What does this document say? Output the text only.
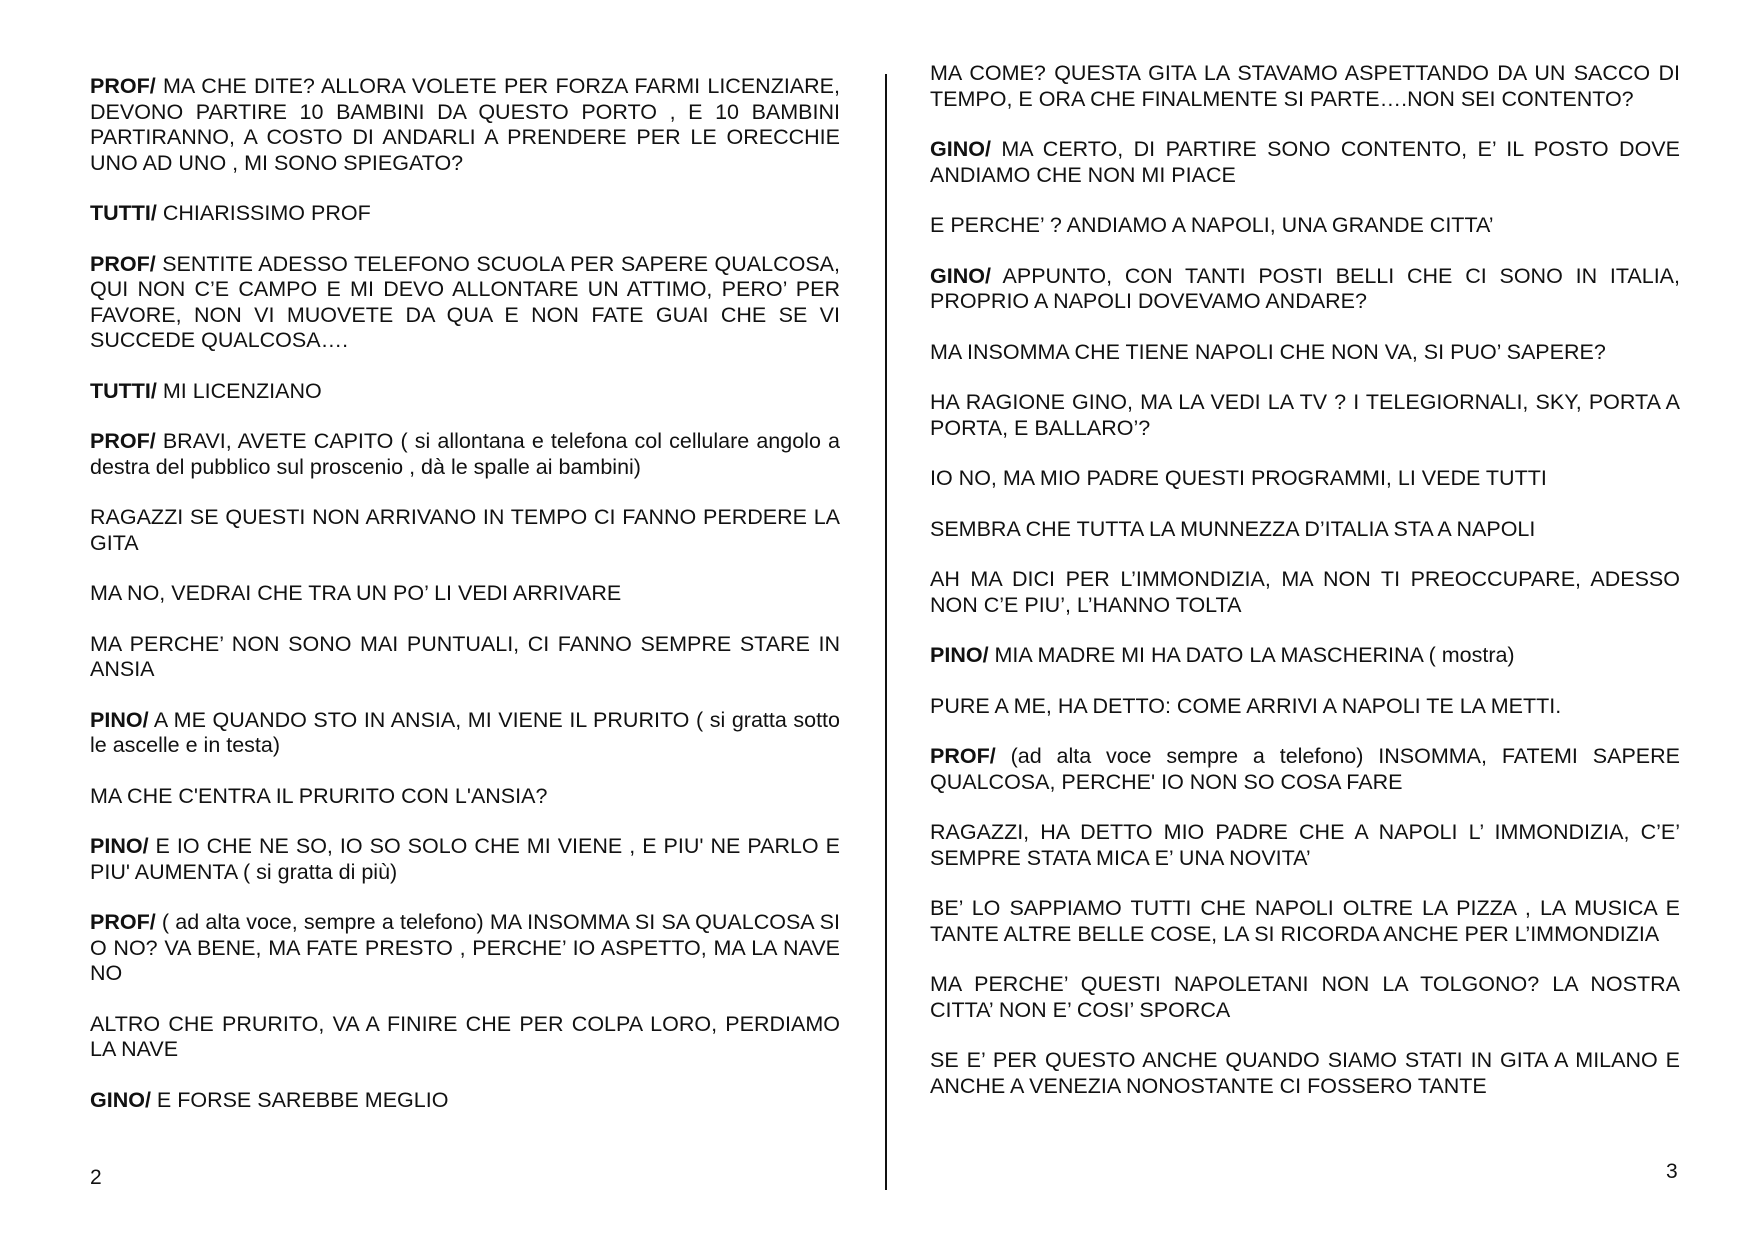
PROF/ MA CHE DITE? ALLORA VOLETE PER FORZA FARMI LICENZIARE, DEVONO PARTIRE 10 BAMBINI DA QUESTO PORTO , E 10 BAMBINI PARTIRANNO, A COSTO DI ANDARLI A PRENDERE PER LE ORECCHIE UNO AD UNO , MI SONO SPIEGATO?

TUTTI/ CHIARISSIMO PROF

PROF/ SENTITE ADESSO TELEFONO SCUOLA PER SAPERE QUALCOSA, QUI NON C’E CAMPO E MI DEVO ALLONTARE UN ATTIMO, PERO’ PER FAVORE, NON VI MUOVETE DA QUA E NON FATE GUAI CHE SE VI SUCCEDE QUALCOSA….

TUTTI/ MI LICENZIANO

PROF/ BRAVI, AVETE CAPITO ( si allontana e telefona col cellulare angolo a destra del pubblico sul proscenio , dà le spalle ai bambini)

RAGAZZI SE QUESTI NON ARRIVANO IN TEMPO CI FANNO PERDERE LA GITA

MA NO, VEDRAI CHE TRA UN PO’ LI VEDI ARRIVARE

MA PERCHE’ NON SONO MAI PUNTUALI, CI FANNO SEMPRE STARE IN ANSIA

PINO/ A ME QUANDO STO IN ANSIA, MI VIENE IL PRURITO ( si gratta sotto le ascelle e in testa)

MA CHE C'ENTRA IL PRURITO CON L'ANSIA?

PINO/ E IO CHE NE SO, IO SO SOLO CHE MI VIENE , E PIU' NE PARLO E PIU' AUMENTA ( si gratta di più)

PROF/ ( ad alta voce, sempre a telefono) MA INSOMMA SI SA QUALCOSA SI O NO? VA BENE, MA FATE PRESTO , PERCHE’ IO ASPETTO, MA LA NAVE NO

ALTRO CHE PRURITO, VA A FINIRE CHE PER COLPA LORO, PERDIAMO LA NAVE

GINO/ E FORSE SAREBBE MEGLIO

MA COME? QUESTA GITA LA STAVAMO ASPETTANDO DA UN SACCO DI TEMPO, E ORA CHE FINALMENTE SI PARTE….NON SEI CONTENTO?

GINO/ MA CERTO, DI PARTIRE SONO CONTENTO, E’ IL POSTO DOVE ANDIAMO CHE NON MI PIACE

E PERCHE’ ? ANDIAMO A NAPOLI, UNA GRANDE CITTA’

GINO/ APPUNTO, CON TANTI POSTI BELLI CHE CI SONO IN ITALIA, PROPRIO A NAPOLI DOVEVAMO ANDARE?

MA INSOMMA CHE TIENE NAPOLI CHE NON VA, SI PUO’ SAPERE?

HA RAGIONE GINO, MA LA VEDI LA TV ? I TELEGIORNALI, SKY, PORTA A PORTA, E BALLARO’?

IO NO, MA MIO PADRE QUESTI PROGRAMMI, LI VEDE TUTTI

SEMBRA CHE TUTTA LA MUNNEZZA D’ITALIA STA A NAPOLI

AH MA DICI PER L’IMMONDIZIA, MA NON TI PREOCCUPARE, ADESSO NON C’E PIU’, L’HANNO TOLTA

PINO/ MIA MADRE MI HA DATO LA MASCHERINA ( mostra)

PURE A ME, HA DETTO: COME ARRIVI A NAPOLI TE LA METTI.

PROF/ (ad alta voce sempre a telefono) INSOMMA, FATEMI SAPERE QUALCOSA, PERCHE' IO NON SO COSA FARE

RAGAZZI, HA DETTO MIO PADRE CHE A NAPOLI L’ IMMONDIZIA, C’E’ SEMPRE STATA MICA E’ UNA NOVITA’

BE’ LO SAPPIAMO TUTTI CHE NAPOLI OLTRE LA PIZZA , LA MUSICA E TANTE ALTRE BELLE COSE, LA SI RICORDA ANCHE PER L’IMMONDIZIA

MA PERCHE’ QUESTI NAPOLETANI NON LA TOLGONO? LA NOSTRA CITTA’ NON E’ COSI’ SPORCA

SE E’ PER QUESTO ANCHE QUANDO SIAMO STATI IN GITA A MILANO E ANCHE A VENEZIA NONOSTANTE CI FOSSERO TANTE

2	3
